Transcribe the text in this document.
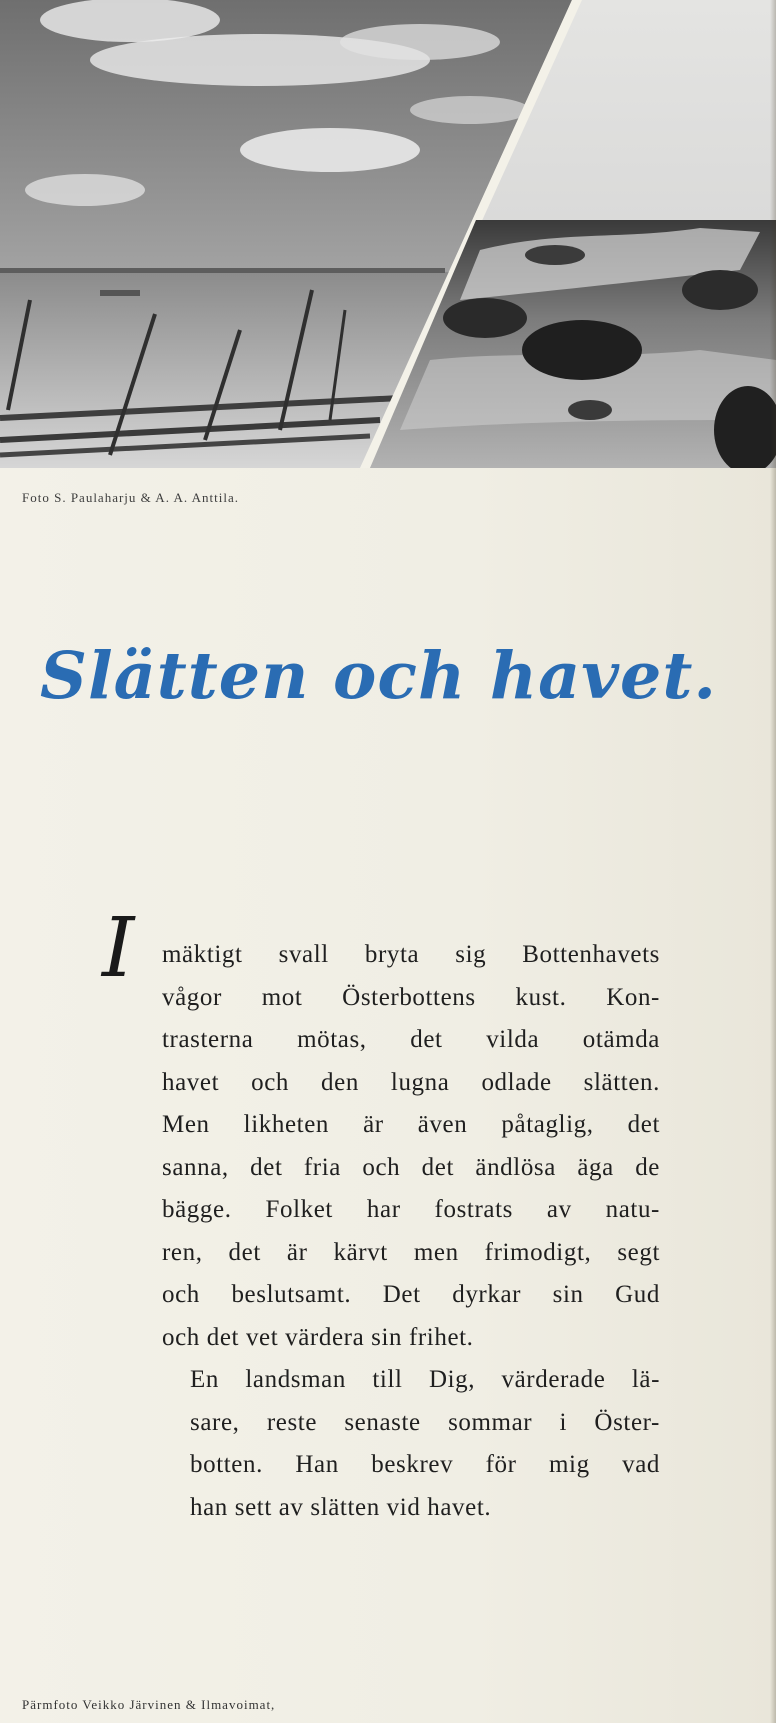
Foto S. Paulaharju & A. A. Anttila.
Slätten och havet.
I mäktigt svall bryta sig Bottenhavets
vågor mot Österbottens kust. Kon-
trasterna mötas, det vilda otämda
havet och den lugna odlade slätten.
Men likheten är även påtaglig, det
sanna, det fria och det ändlösa äga de
bägge. Folket har fostrats av natu-
ren, det är kärvt men frimodigt, segt
och beslutsamt. Det dyrkar sin Gud
och det vet värdera sin frihet.

En landsman till Dig, värderade lä-
sare, reste senaste sommar i Öster-
botten. Han beskrev för mig vad
han sett av slätten vid havet.

Pärmfoto Veikko Järvinen & Ilmavoimat,
